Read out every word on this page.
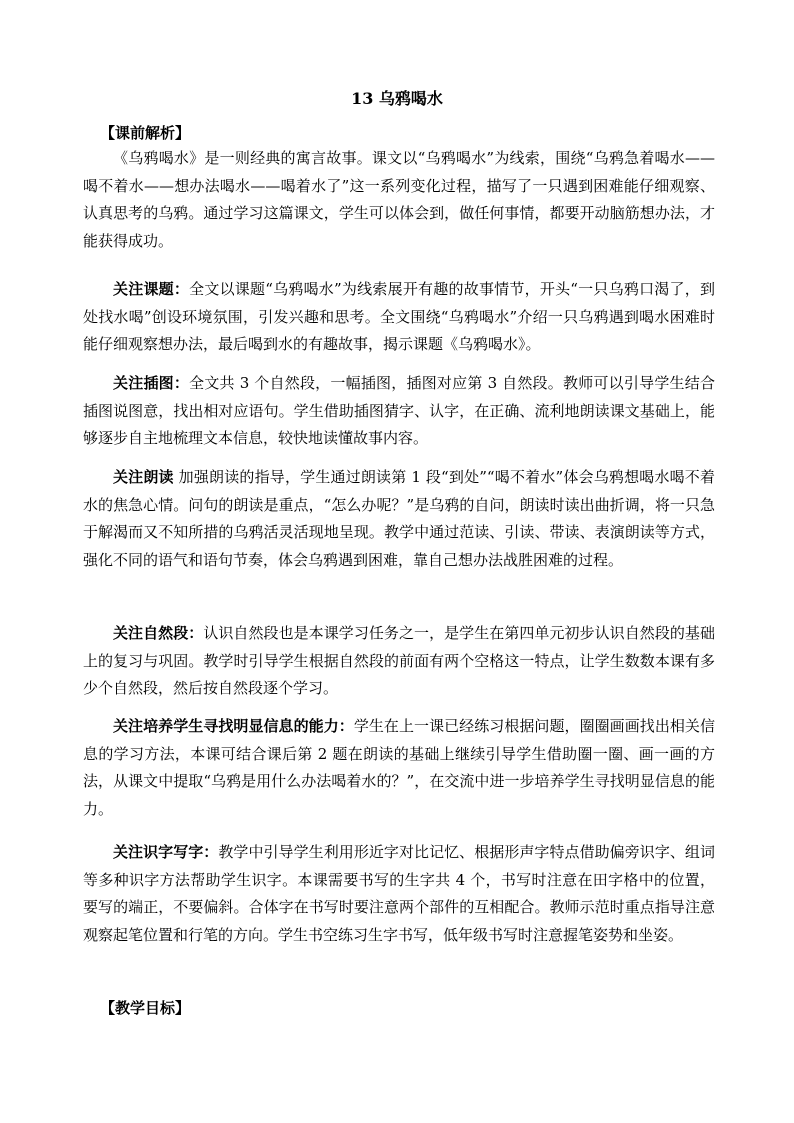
13 乌鸦喝水
【课前解析】

《乌鸦喝水》是一则经典的寓言故事。课文以“乌鸦喝水”为线索，围绕“乌鸦急着喝水——喝不着水——想办法喝水——喝着水了”这一系列变化过程，描写了一只遇到困难能仔细观察、认真思考的乌鸦。通过学习这篇课文，学生可以体会到，做任何事情，都要开动脑筋想办法，才能获得成功。

关注课题：全文以课题“乌鸦喝水”为线索展开有趣的故事情节，开头“一只乌鸦口渴了，到处找水喝”创设环境氛围，引发兴趣和思考。全文围绕“乌鸦喝水”介绍一只乌鸦遇到喝水困难时能仔细观察想办法，最后喝到水的有趣故事，揭示课题《乌鸦喝水》。

关注插图：全文共 3 个自然段，一幅插图，插图对应第 3 自然段。教师可以引导学生结合插图说图意，找出相对应语句。学生借助插图猜字、认字，在正确、流利地朗读课文基础上，能够逐步自主地梳理文本信息，较快地读懂故事内容。

关注朗读 加强朗读的指导，学生通过朗读第 1 段“到处”“喝不着水”体会乌鸦想喝水喝不着水的焦急心情。问句的朗读是重点，“怎么办呢？”是乌鸦的自问，朗读时读出曲折调，将一只急于解渴而又不知所措的乌鸦活灵活现地呈现。教学中通过范读、引读、带读、表演朗读等方式，强化不同的语气和语句节奏，体会乌鸦遇到困难，靠自己想办法战胜困难的过程。

关注自然段：认识自然段也是本课学习任务之一，是学生在第四单元初步认识自然段的基础上的复习与巩固。教学时引导学生根据自然段的前面有两个空格这一特点，让学生数数本课有多少个自然段，然后按自然段逐个学习。

关注培养学生寻找明显信息的能力：学生在上一课已经练习根据问题，圈圈画画找出相关信息的学习方法，本课可结合课后第 2 题在朗读的基础上继续引导学生借助圈一圈、画一画的方法，从课文中提取“乌鸦是用什么办法喝着水的？”，在交流中进一步培养学生寻找明显信息的能力。

关注识字写字：教学中引导学生利用形近字对比记忆、根据形声字特点借助偏旁识字、组词等多种识字方法帮助学生识字。本课需要书写的生字共 4 个，书写时注意在田字格中的位置，要写的端正，不要偏斜。合体字在书写时要注意两个部件的互相配合。教师示范时重点指导注意观察起笔位置和行笔的方向。学生书空练习生字书写，低年级书写时注意握笔姿势和坐姿。

【教学目标】
